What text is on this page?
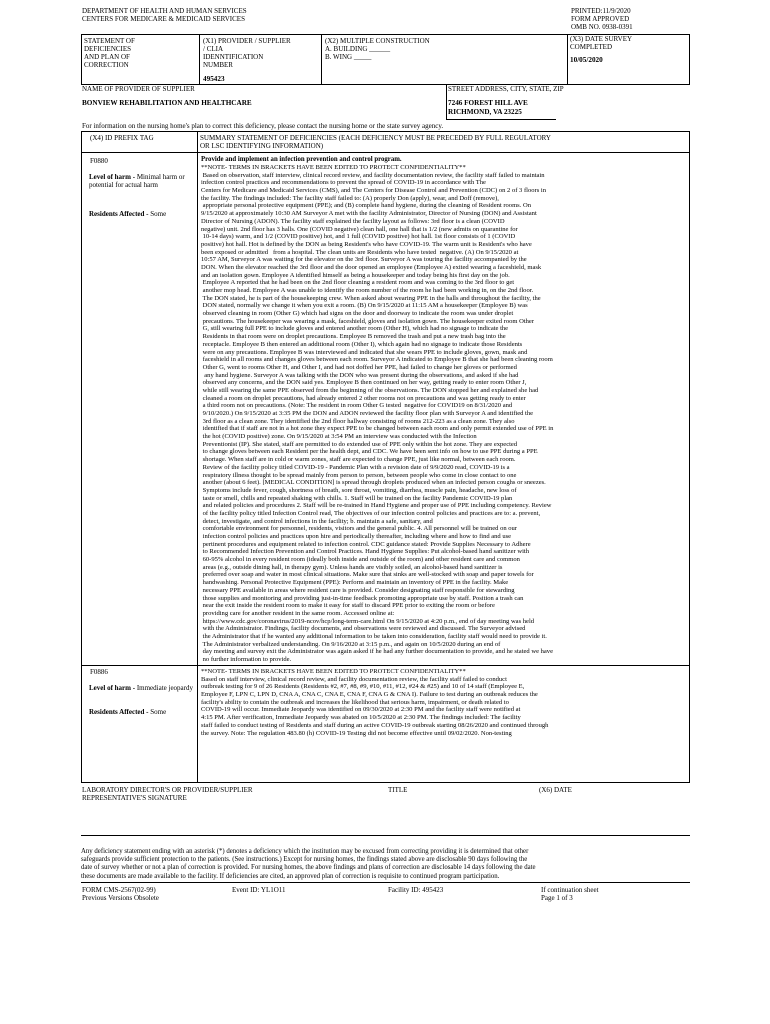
DEPARTMENT OF HEALTH AND HUMAN SERVICES
CENTERS FOR MEDICARE & MEDICAID SERVICES
PRINTED:11/9/2020
FORM APPROVED
OMB NO. 0938-0391
STATEMENT OF
DEFICIENCIES
AND PLAN OF
CORRECTION
(X1) PROVIDER / SUPPLIER
/ CLIA
IDENNTIFICATION
NUMBER
495423
(X2) MULTIPLE CONSTRUCTION
A. BUILDING ______
B. WING _____
(X3) DATE SURVEY
COMPLETED
10/05/2020
NAME OF PROVIDER OF SUPPLIER
BONVIEW REHABILITATION AND HEALTHCARE
STREET ADDRESS, CITY, STATE, ZIP
7246 FOREST HILL AVE
RICHMOND, VA 23225
For information on the nursing home's plan to correct this deficiency, please contact the nursing home or the state survey agency.
(X4) ID PREFIX TAG	SUMMARY STATEMENT OF DEFICIENCIES (EACH DEFICIENCY MUST BE PRECEDED BY FULL REGULATORY
OR LSC IDENTIFYING INFORMATION)
F0880
Level of harm - Minimal harm or potential for actual harm
Residents Affected - Some
Provide and implement an infection prevention and control program.
**NOTE- TERMS IN BRACKETS HAVE BEEN EDITED TO PROTECT CONFIDENTIALITY**
Based on observation, staff interview, clinical record review, and facility documentation review, the facility staff failed to maintain
infection control practices and recommendations to prevent the spread of COVID-19 in accordance with The
Centers for Medicare and Medicaid Services (CMS), and The Centers for Disease Control and Prevention (CDC) on 2 of 3 floors in
the facility. The findings included: The facility staff failed to: (A) properly Don (apply), wear, and Doff (remove),
appropriate personal protective equipment (PPE); and (B) complete hand hygiene, during the cleaning of Resident rooms. On
9/15/2020 at approximately 10:30 AM Surveyor A met with the facility Administrator, Director of Nursing (DON) and Assistant
Director of Nursing (ADON). The facility staff explained the facility layout as follows: 3rd floor is a clean (COVID
negative) unit. 2nd floor has 3 halls. One (COVID negative) clean hall, one hall that is 1/2 (new admits on quarantine for
10-14 days) warm, and 1/2 (COVID positive) hot, and 1 full (COVID positive) hot hall. 1st floor consists of 1 (COVID
positive) hot hall. Hot is defined by the DON as being Resident's who have COVID-19. The warm unit is Resident's who have
been exposed or admitted   from a hospital. The clean units are Residents who have tested  negative. (A) On 9/15/2020 at
10:57 AM, Surveyor A was waiting for the elevator on the 3rd floor. Surveyor A was touring the facility accompanied by the
DON. When the elevator reached the 3rd floor and the door opened an employee (Employee A) exited wearing a faceshield, mask
and an isolation gown. Employee A identified himself as being a housekeeper and today being his first day on the job.
Employee A reported that he had been on the 2nd floor cleaning a resident room and was coming to the 3rd floor to get
another mop head. Employee A was unable to identify the room number of the room he had been working in, on the 2nd floor.
The DON stated, he is part of the housekeeping crew. When asked about wearing PPE in the halls and throughout the facility, the
DON stated, normally we change it when you exit a room. (B) On 9/15/2020 at 11:15 AM a housekeeper (Employee B) was
observed cleaning in room (Other G) which had signs on the door and doorway to indicate the room was under droplet
precautions. The housekeeper was wearing a mask, faceshield, gloves and isolation gown. The housekeeper exited room Other
G, still wearing full PPE to include gloves and entered another room (Other H), which had no signage to indicate the
Residents in that room were on droplet precautions. Employee B removed the trash and put a new trash bag into the
receptacle. Employee B then entered an additional room (Other I), which again had no signage to indicate those Residents
were on any precautions. Employee B was interviewed and indicated that she wears PPE to include gloves, gown, mask and
faceshield in all rooms and changes gloves between each room. Surveyor A indicated to Employee B that she had been cleaning room
Other G, went to rooms Other H, and Other I, and had not doffed her PPE, had failed to change her gloves or performed
any hand hygiene. Surveyor A was talking with the DON who was present during the observations, and asked if she had
observed any concerns, and the DON said yes. Employee B then continued on her way, getting ready to enter room Other J,
while still wearing the same PPE observed from the beginning of the observations. The DON stopped her and explained she had
cleaned a room on droplet precautions, had already entered 2 other rooms not on precautions and was getting ready to enter
a third room not on precautions. (Note: The resident in room Other G tested  negative for COVID19 on 8/31/2020 and
9/10/2020.) On 9/15/2020 at 3:35 PM the DON and ADON reviewed the facility floor plan with Surveyor A and identified the
3rd floor as a clean zone. They identified the 2nd floor hallway consisting of rooms 212-223 as a clean zone. They also
identified that if staff are not in a hot zone they expect PPE to be changed between each room and only permit extended use of PPE in
the hot (COVID positive) zone. On 9/15/2020 at 3:54 PM an interview was conducted with the Infection
Preventionist (IP). She stated, staff are permitted to do extended use of PPE only within the hot zone. They are expected
to change gloves between each Resident per the health dept, and CDC. We have been sent info on how to use PPE during a PPE
shortage. When staff are in cold or warm zones, staff are expected to change PPE, just like normal, between each room.
Review of the facility policy titled COVID-19 - Pandemic Plan with a revision date of 9/9/2020 read, COVID-19 is a
respiratory illness thought to be spread mainly from person to person, between people who come in close contact to one
another (about 6 feet). [MEDICAL CONDITION] is spread through droplets produced when an infected person coughs or sneezes.
Symptoms include fever, cough, shortness of breath, sore throat, vomiting, diarrhea, muscle pain, headache, new loss of
taste or smell, chills and repeated shaking with chills. 1. Staff will be trained on the facility Pandemic COVID-19 plan
and related policies and procedures 2. Staff will be re-trained in Hand Hygiene and proper use of PPE including competency. Review
of the facility policy titled Infection Control read, The objectives of our infection control policies and practices are to: a. prevent,
detect, investigate, and control infections in the facility; b. maintain a safe, sanitary, and
comfortable environment for personnel, residents, visitors and the general public. 4. All personnel will be trained on our
infection control policies and practices upon hire and periodically thereafter, including where and how to find and use
pertinent procedures and equipment related to infection control. CDC guidance stated: Provide Supplies Necessary to Adhere
to Recommended Infection Prevention and Control Practices. Hand Hygiene Supplies: Put alcohol-based hand sanitizer with
60-95% alcohol in every resident room (ideally both inside and outside of the room) and other resident care and common
areas (e.g., outside dining hall, in therapy gym). Unless hands are visibly soiled, an alcohol-based hand sanitizer is
preferred over soap and water in most clinical situations. Make sure that sinks are well-stocked with soap and paper towels for
handwashing. Personal Protective Equipment (PPE): Perform and maintain an inventory of PPE in the facility. Make
necessary PPE available in areas where resident care is provided. Consider designating staff responsible for stewarding
those supplies and monitoring and providing just-in-time feedback promoting appropriate use by staff. Position a trash can
near the exit inside the resident room to make it easy for staff to discard PPE prior to exiting the room or before
providing care for another resident in the same room. Accessed online at:
https://www.cdc.gov/coronavirus/2019-ncov/hcp/long-term-care.html On 9/15/2020 at 4:20 p.m., end of day meeting was held
with the Administrator. Findings, facility documents, and observations were reviewed and discussed. The Surveyor advised
the Administrator that if he wanted any additional information to be taken into consideration, facility staff would need to provide it.
The Administrator verbalized understanding. On 9/16/2020 at 3:15 p.m., and again on 10/5/2020 during an end of
day meeting and survey exit the Administrator was again asked if he had any further documentation to provide, and he stated we have
no further information to provide.
F0886
Level of harm - Immediate jeopardy
Residents Affected - Some
**NOTE- TERMS IN BRACKETS HAVE BEEN EDITED TO PROTECT CONFIDENTIALITY**
Based on staff interview, clinical record review, and facility documentation review, the facility staff failed to conduct
outbreak testing for 9 of 26 Residents (Residents #2, #7, #8, #9, #10, #11, #12, #24 & #25) and 10 of 14 staff (Employee E,
Employee F, LPN C, LPN D, CNA A, CNA C, CNA E, CNA F, CNA G & CNA I). Failure to test during an outbreak reduces the
facility's ability to contain the outbreak and increases the likelihood that serious harm, impairment, or death related to
COVID-19 will occur. Immediate Jeopardy was identified on 09/30/2020 at 2:30 PM and the facility staff were notified at
4:15 PM. After verification, Immediate Jeopardy was abated on 10/5/2020 at 2:30 PM. The findings included: The facility
staff failed to conduct testing of Residents and staff during an active COVID-19 outbreak starting 08/26/2020 and continued through
the survey. Note: The regulation 483.80 (h) COVID-19 Testing did not become effective until 09/02/2020. Non-testing
LABORATORY DIRECTOR'S OR PROVIDER/SUPPLIER
REPRESENTATIVE'S SIGNATURE
TITLE	(X6) DATE
Any deficiency statement ending with an asterisk (*) denotes a deficiency which the institution may be excused from correcting providing it is determined that other
safeguards provide sufficient protection to the patients. (See instructions.) Except for nursing homes, the findings stated above are disclosable 90 days following the
date of survey whether or not a plan of correction is provided. For nursing homes, the above findings and plans of correction are disclosable 14 days following the date
these documents are made available to the facility. If deficiencies are cited, an approved plan of correction is requisite to continued program participation.
FORM CMS-2567(02-99)
Previous Versions Obsolete
Event ID: YL1O11	Facility ID: 495423	If continuation sheet
Page 1 of 3
